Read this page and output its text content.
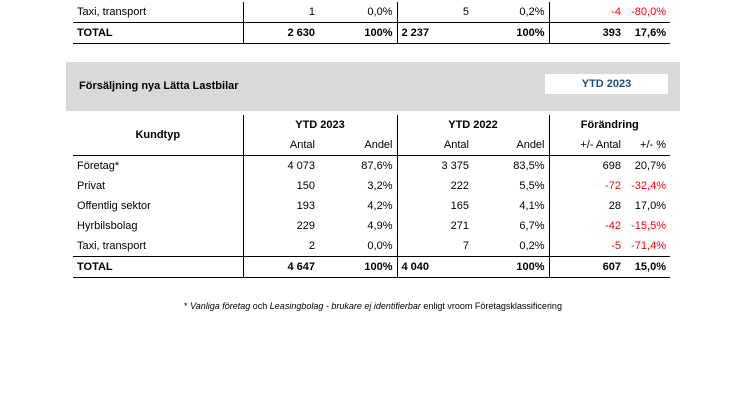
Taxi, transport	1	0,0%	5	0,2%	-4	-80,0%
TOTAL	2 630	100%	2 237	100%	393	17,6%
Försäljning nya Lätta Lastbilar	YTD 2023
Kundtyp	YTD 2023		YTD 2022		Förändring	
	Antal	Andel	Antal	Andel	+/- Antal	+/- %
Företag*	4 073	87,6%	3 375	83,5%	698	20,7%
Privat	150	3,2%	222	5,5%	-72	-32,4%
Offentlig sektor	193	4,2%	165	4,1%	28	17,0%
Hyrbilsbolag	229	4,9%	271	6,7%	-42	-15,5%
Taxi, transport	2	0,0%	7	0,2%	-5	-71,4%
TOTAL	4 647	100%	4 040	100%	607	15,0%
* Vanliga företag och Leasingbolag - brukare ej identifierbar enligt vroom Företagsklassificering
